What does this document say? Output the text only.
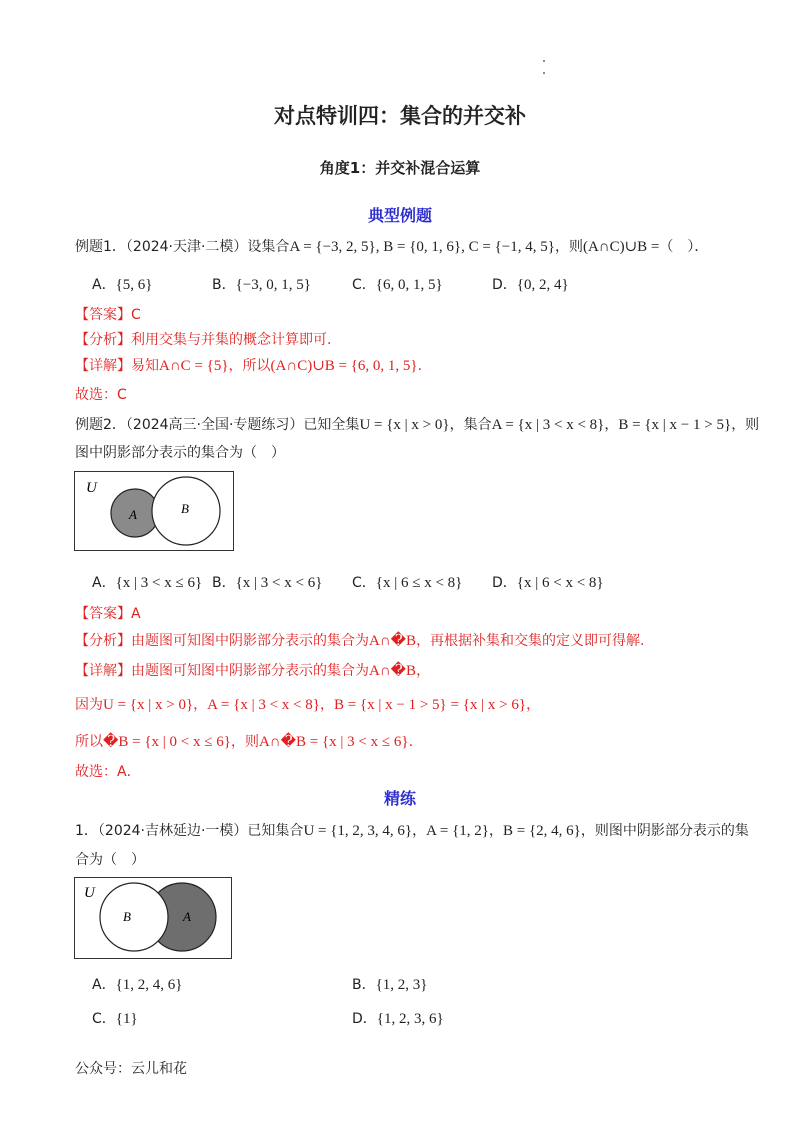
对点特训四：集合的并交补
角度1：并交补混合运算
典型例题
例题1．（2024·天津·二模）设集合A = {−3, 2, 5}, B = {0, 1, 6}, C = {−1, 4, 5}，则(A∩C)∪B =（　）．
A．{5, 6}	B．{−3, 0, 1, 5}	C．{6, 0, 1, 5}	D．{0, 2, 4}
【答案】C
【分析】利用交集与并集的概念计算即可.
【详解】易知A∩C = {5}，所以(A∩C)∪B = {6, 0, 1, 5}.
故选：C
例题2．（2024高三·全国·专题练习）已知全集U = {x | x > 0}，集合A = {x | 3 < x < 8}，B = {x | x − 1 > 5}，则
图中阴影部分表示的集合为（　）
U
A	B
A．{x | 3 < x ≤ 6} B．{x | 3 < x < 6} C．{x | 6 ≤ x < 8} D．{x | 6 < x < 8}
【答案】A
【分析】由题图可知图中阴影部分表示的集合为A∩�B，再根据补集和交集的定义即可得解.
【详解】由题图可知图中阴影部分表示的集合为A∩�B，
因为U = {x | x > 0}，A = {x | 3 < x < 8}，B = {x | x − 1 > 5} = {x | x > 6}，
所以�B = {x | 0 < x ≤ 6}，则A∩�B = {x | 3 < x ≤ 6}.
故选：A．
精练
1．（2024·吉林延边·一模）已知集合U = {1, 2, 3, 4, 6}，A = {1, 2}，B = {2, 4, 6}，则图中阴影部分表示的集
合为（　）
U
B	A
A．{1, 2, 4, 6}	B．{1, 2, 3}
C．{1}	D．{1, 2, 3, 6}
公众号：云儿和花
